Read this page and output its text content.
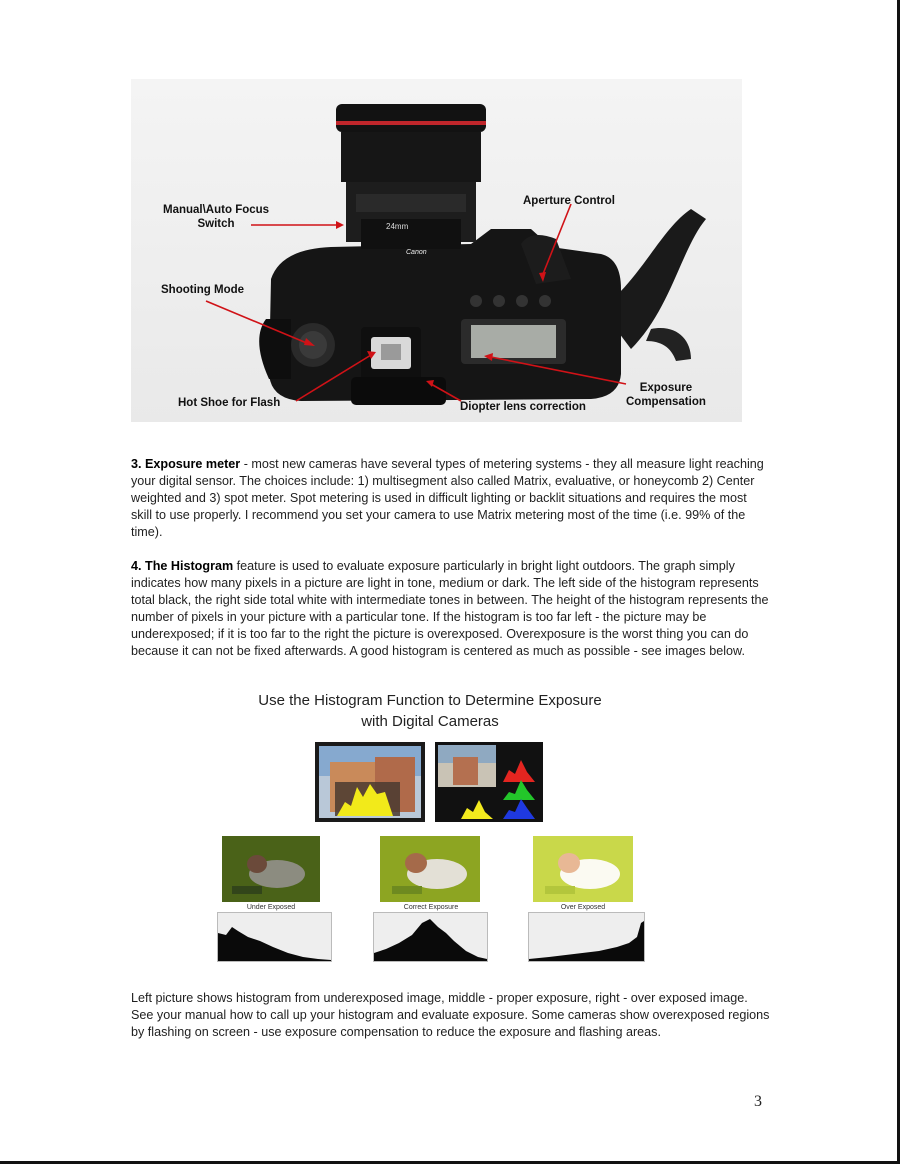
24mm
Canon
Manual\Auto Focus
Switch
Aperture Control
Shooting Mode
Exposure
Compensation
Hot Shoe for Flash	Diopter lens correction

3. Exposure meter - most new cameras have several types of metering systems - they all measure light reaching your digital sensor. The choices include: 1) multisegment also called Matrix, evaluative, or honeycomb 2) Center weighted and 3) spot meter. Spot metering is used in difficult lighting or backlit situations and requires the most skill to use properly. I recommend you set your camera to use Matrix metering most of the time (i.e. 99% of the time).

4. The Histogram feature is used to evaluate exposure particularly in bright light outdoors. The graph simply indicates how many pixels in a picture are light in tone, medium or dark. The left side of the histogram represents total black, the right side total white with intermediate tones in between. The height of the histogram represents the number of pixels in your picture with a particular tone. If the histogram is too far left - the picture may be underexposed; if it is too far to the right the picture is overexposed. Overexposure is the worst thing you can do because it can not be fixed afterwards. A good histogram is centered as much as possible - see images below.

Use the Histogram Function to Determine Exposure
with Digital Cameras
Under Exposed	Correct Exposure	Over Exposed

Left picture shows histogram from underexposed image, middle - proper exposure, right - over exposed image. See your manual how to call up your histogram and evaluate exposure. Some cameras show overexposed regions by flashing on screen - use exposure compensation to reduce the exposure and flashing areas.

3
